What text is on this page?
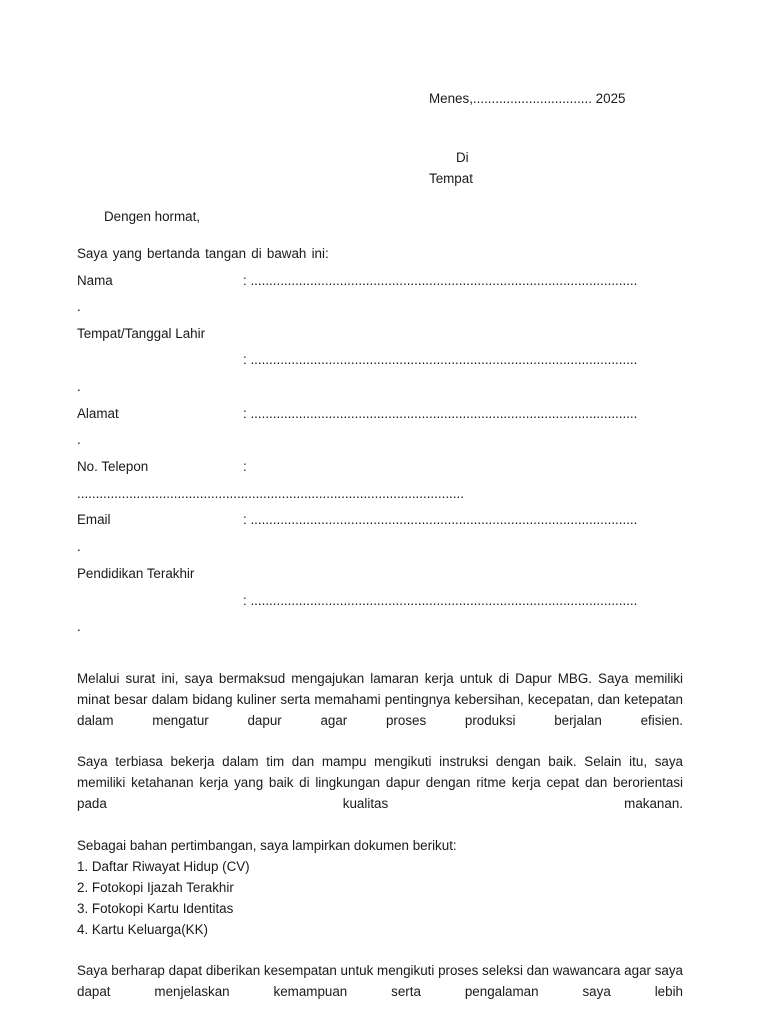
Menes,................................ 2025
Di
Tempat
Dengen hormat,
Saya yang bertanda tangan di bawah ini:
Nama	: ........................................................................................................
.
Tempat/Tanggal Lahir
: ........................................................................................................
.
Alamat	: ........................................................................................................
.
No. Telepon	:
........................................................................................................
Email	: ........................................................................................................
.
Pendidikan Terakhir
: ........................................................................................................
.
Melalui surat ini, saya bermaksud mengajukan lamaran kerja untuk di Dapur MBG. Saya memiliki minat besar dalam bidang kuliner serta memahami pentingnya kebersihan, kecepatan, dan ketepatan dalam mengatur dapur agar proses produksi berjalan efisien.
Saya terbiasa bekerja dalam tim dan mampu mengikuti instruksi dengan baik. Selain itu, saya memiliki ketahanan kerja yang baik di lingkungan dapur dengan ritme kerja cepat dan berorientasi pada kualitas makanan.
Sebagai bahan pertimbangan, saya lampirkan dokumen berikut:
1. Daftar Riwayat Hidup (CV)
2. Fotokopi Ijazah Terakhir
3. Fotokopi Kartu Identitas
4. Kartu Keluarga(KK)
Saya berharap dapat diberikan kesempatan untuk mengikuti proses seleksi dan wawancara agar saya dapat menjelaskan kemampuan serta pengalaman saya lebih
